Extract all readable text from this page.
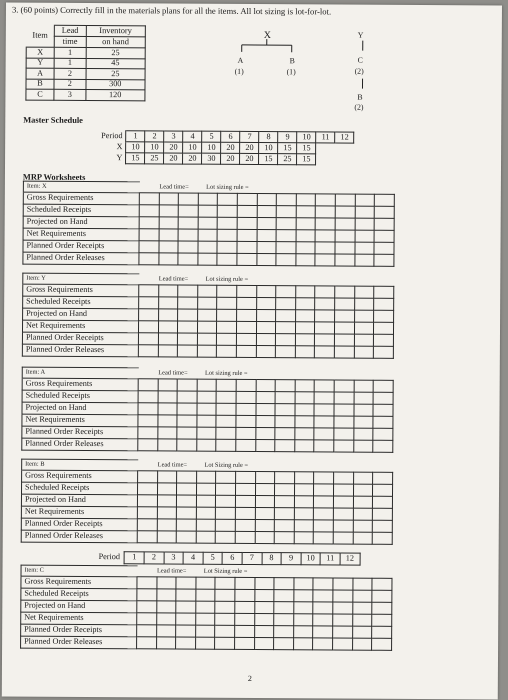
3. (60 points) Correctly fill in the materials plans for all the items. All lot sizing is lot-for-lot.
Item	Lead	Inventory
	time	on hand
X	1	25
Y	1	45
A	2	25
B	2	300
C	3	120
X
A
(1)
B
(1)
Y
C
(2)
B
(2)
Master Schedule
Period	1	2	3	4	5	6	7	8	9	10	11	12
X	10	10	20	10	10	20	20	10	15	15		
Y	15	25	20	20	30	20	20	15	25	15		
MRP Worksheets
Item: X	Lead time=			Lot sizing rule =									
Gross Requirements													
Scheduled Receipts													
Projected on Hand													
Net Requirements													
Planned Order Receipts													
Planned Order Releases													
Item: Y	Lead time=			Lot sizing rule =									
Gross Requirements													
Scheduled Receipts													
Projected on Hand													
Net Requirements													
Planned Order Receipts													
Planned Order Releases													
Item: A	Lead time=			Lot sizing rule =									
Gross Requirements													
Scheduled Receipts													
Projected on Hand													
Net Requirements													
Planned Order Receipts													
Planned Order Releases													
Item: B	Lead time=			Lot Sizing rule =									
Gross Requirements													
Scheduled Receipts													
Projected on Hand													
Net Requirements													
Planned Order Receipts													
Planned Order Releases													
Item: C	Lead time=			Lot Sizing rule =									
Gross Requirements													
Scheduled Receipts													
Projected on Hand													
Net Requirements													
Planned Order Receipts													
Planned Order Releases													
Period	1	2	3	4	5	6	7	8	9	10	11	12
2
